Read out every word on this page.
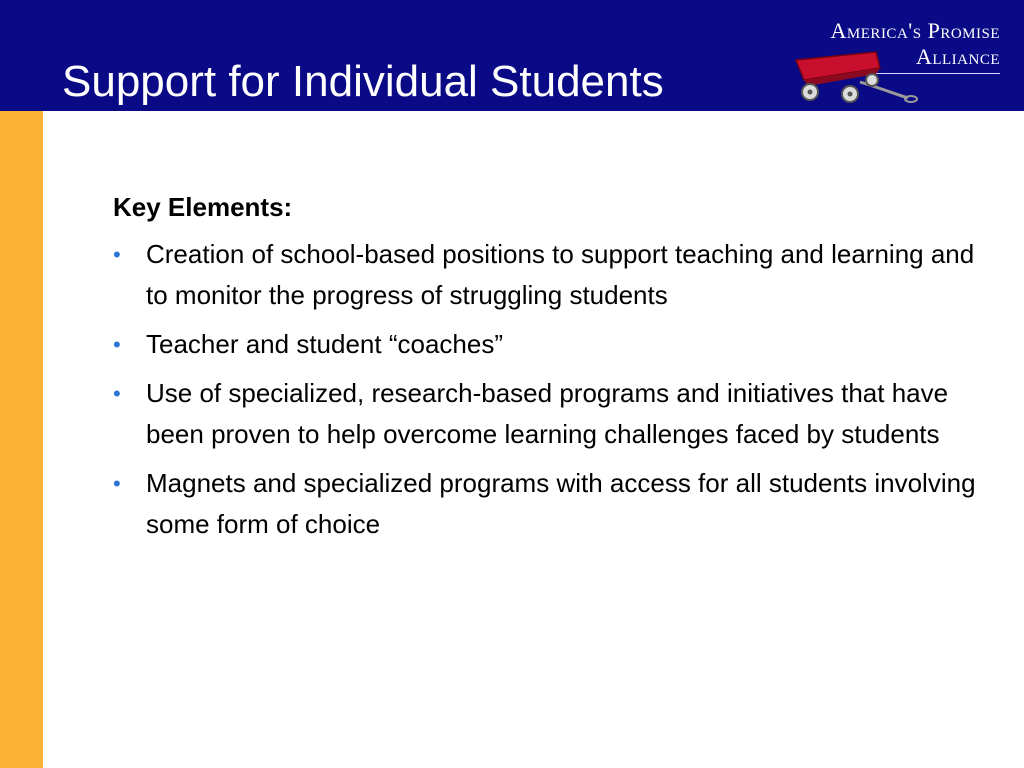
Support for Individual Students
America's Promise
Alliance

Key Elements:

• Creation of school-based positions to support teaching and learning and to monitor the progress of struggling students
• Teacher and student “coaches”
• Use of specialized, research-based programs and initiatives that have been proven to help overcome learning challenges faced by students
• Magnets and specialized programs with access for all students involving some form of choice
